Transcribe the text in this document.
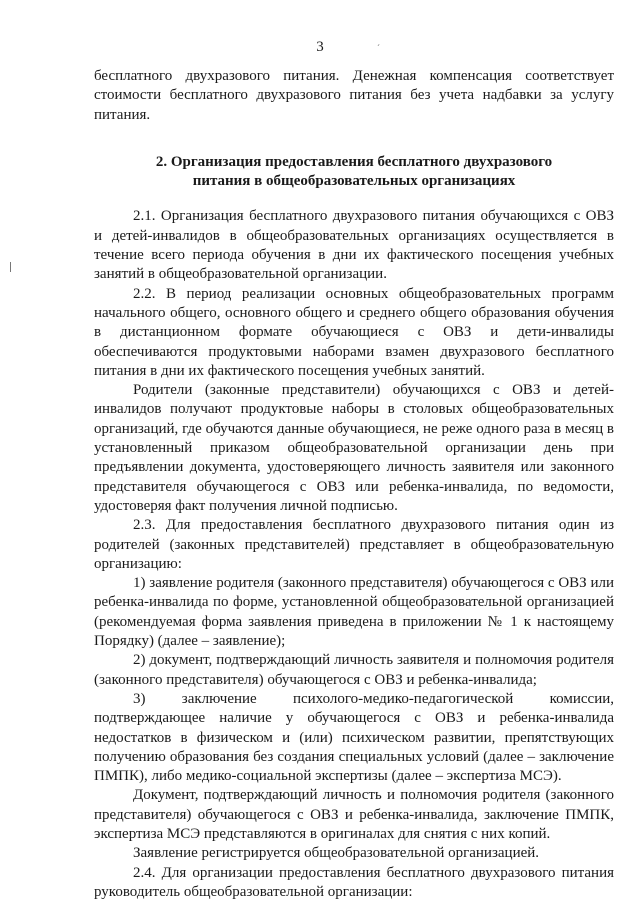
3	´

бесплатного двухразового питания. Денежная компенсация соответствует стоимости бесплатного двухразового питания без учета надбавки за услугу питания.

2. Организация предоставления бесплатного двухразового
питания в общеобразовательных организациях

2.1. Организация бесплатного двухразового питания обучающихся с ОВЗ и детей-инвалидов в общеобразовательных организациях осуществляется в течение всего периода обучения в дни их фактического посещения учебных занятий в общеобразовательной организации.

2.2. В период реализации основных общеобразовательных программ начального общего, основного общего и среднего общего образования обучения в дистанционном формате обучающиеся с ОВЗ и дети-инвалиды обеспечиваются продуктовыми наборами взамен двухразового бесплатного питания в дни их фактического посещения учебных занятий.

Родители (законные представители) обучающихся с ОВЗ и детей-инвалидов получают продуктовые наборы в столовых общеобразовательных организаций, где обучаются данные обучающиеся, не реже одного раза в месяц в установленный приказом общеобразовательной организации день при предъявлении документа, удостоверяющего личность заявителя или законного представителя обучающегося с ОВЗ или ребенка-инвалида, по ведомости, удостоверяя факт получения личной подписью.

2.3. Для предоставления бесплатного двухразового питания один из родителей (законных представителей) представляет в общеобразовательную организацию:

1) заявление родителя (законного представителя) обучающегося с ОВЗ или ребенка-инвалида по форме, установленной общеобразовательной организацией (рекомендуемая форма заявления приведена в приложении № 1 к настоящему Порядку) (далее – заявление);

2) документ, подтверждающий личность заявителя и полномочия родителя (законного представителя) обучающегося с ОВЗ и ребенка-инвалида;

3) заключение психолого-медико-педагогической комиссии, подтверждающее наличие у обучающегося с ОВЗ и ребенка-инвалида недостатков в физическом и (или) психическом развитии, препятствующих получению образования без создания специальных условий (далее – заключение ПМПК), либо медико-социальной экспертизы (далее – экспертиза МСЭ).

Документ, подтверждающий личность и полномочия родителя (законного представителя) обучающегося с ОВЗ и ребенка-инвалида, заключение ПМПК, экспертиза МСЭ представляются в оригиналах для снятия с них копий.

Заявление регистрируется общеобразовательной организацией.

2.4. Для организации предоставления бесплатного двухразового питания руководитель общеобразовательной организации:
